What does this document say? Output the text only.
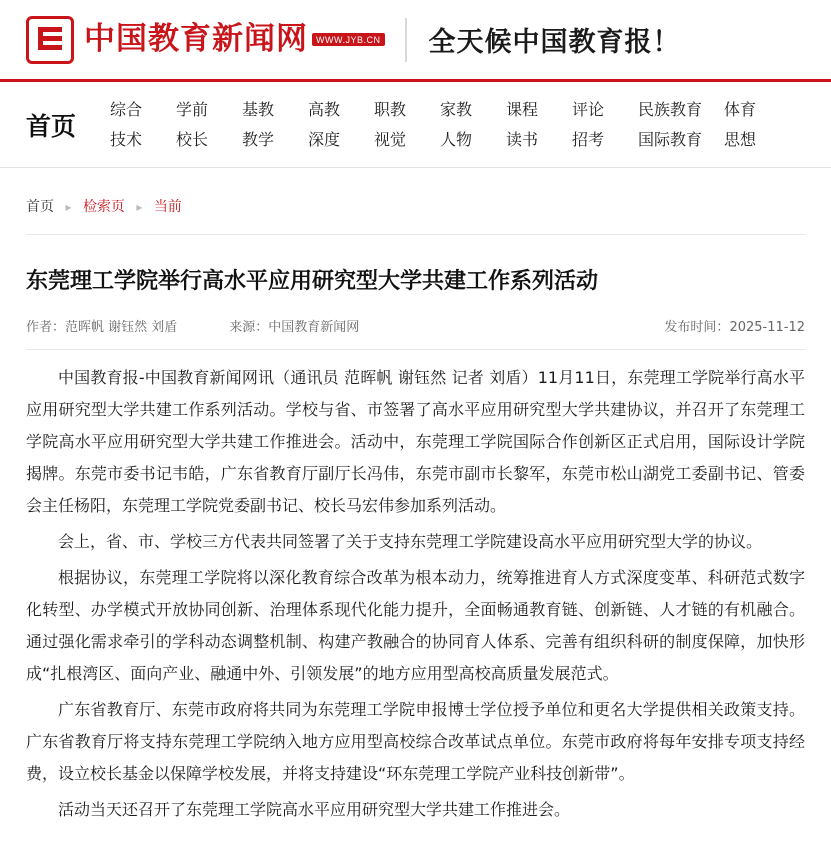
中国教育新闻网 WWW.JYB.CN 全天候中国教育报！
首页
综合
技术
学前
校长
基教
教学
高教
深度
职教
视觉
家教
人物
课程
读书
评论
招考
民族教育
国际教育
体育
思想
首页 ▸ 检索页 ▸ 当前
东莞理工学院举行高水平应用研究型大学共建工作系列活动
作者：范晖帆 谢钰然 刘盾	来源：中国教育新闻网	发布时间：2025-11-12

中国教育报-中国教育新闻网讯（通讯员 范晖帆 谢钰然 记者 刘盾）11月11日，东莞理工学院举行高水平应用研究型大学共建工作系列活动。学校与省、市签署了高水平应用研究型大学共建协议，并召开了东莞理工学院高水平应用研究型大学共建工作推进会。活动中，东莞理工学院国际合作创新区正式启用，国际设计学院揭牌。东莞市委书记韦皓，广东省教育厅副厅长冯伟，东莞市副市长黎军，东莞市松山湖党工委副书记、管委会主任杨阳，东莞理工学院党委副书记、校长马宏伟参加系列活动。

会上，省、市、学校三方代表共同签署了关于支持东莞理工学院建设高水平应用研究型大学的协议。

根据协议，东莞理工学院将以深化教育综合改革为根本动力，统筹推进育人方式深度变革、科研范式数字化转型、办学模式开放协同创新、治理体系现代化能力提升，全面畅通教育链、创新链、人才链的有机融合。通过强化需求牵引的学科动态调整机制、构建产教融合的协同育人体系、完善有组织科研的制度保障，加快形成“扎根湾区、面向产业、融通中外、引领发展”的地方应用型高校高质量发展范式。

广东省教育厅、东莞市政府将共同为东莞理工学院申报博士学位授予单位和更名大学提供相关政策支持。广东省教育厅将支持东莞理工学院纳入地方应用型高校综合改革试点单位。东莞市政府将每年安排专项支持经费，设立校长基金以保障学校发展，并将支持建设“环东莞理工学院产业科技创新带”。

活动当天还召开了东莞理工学院高水平应用研究型大学共建工作推进会。
